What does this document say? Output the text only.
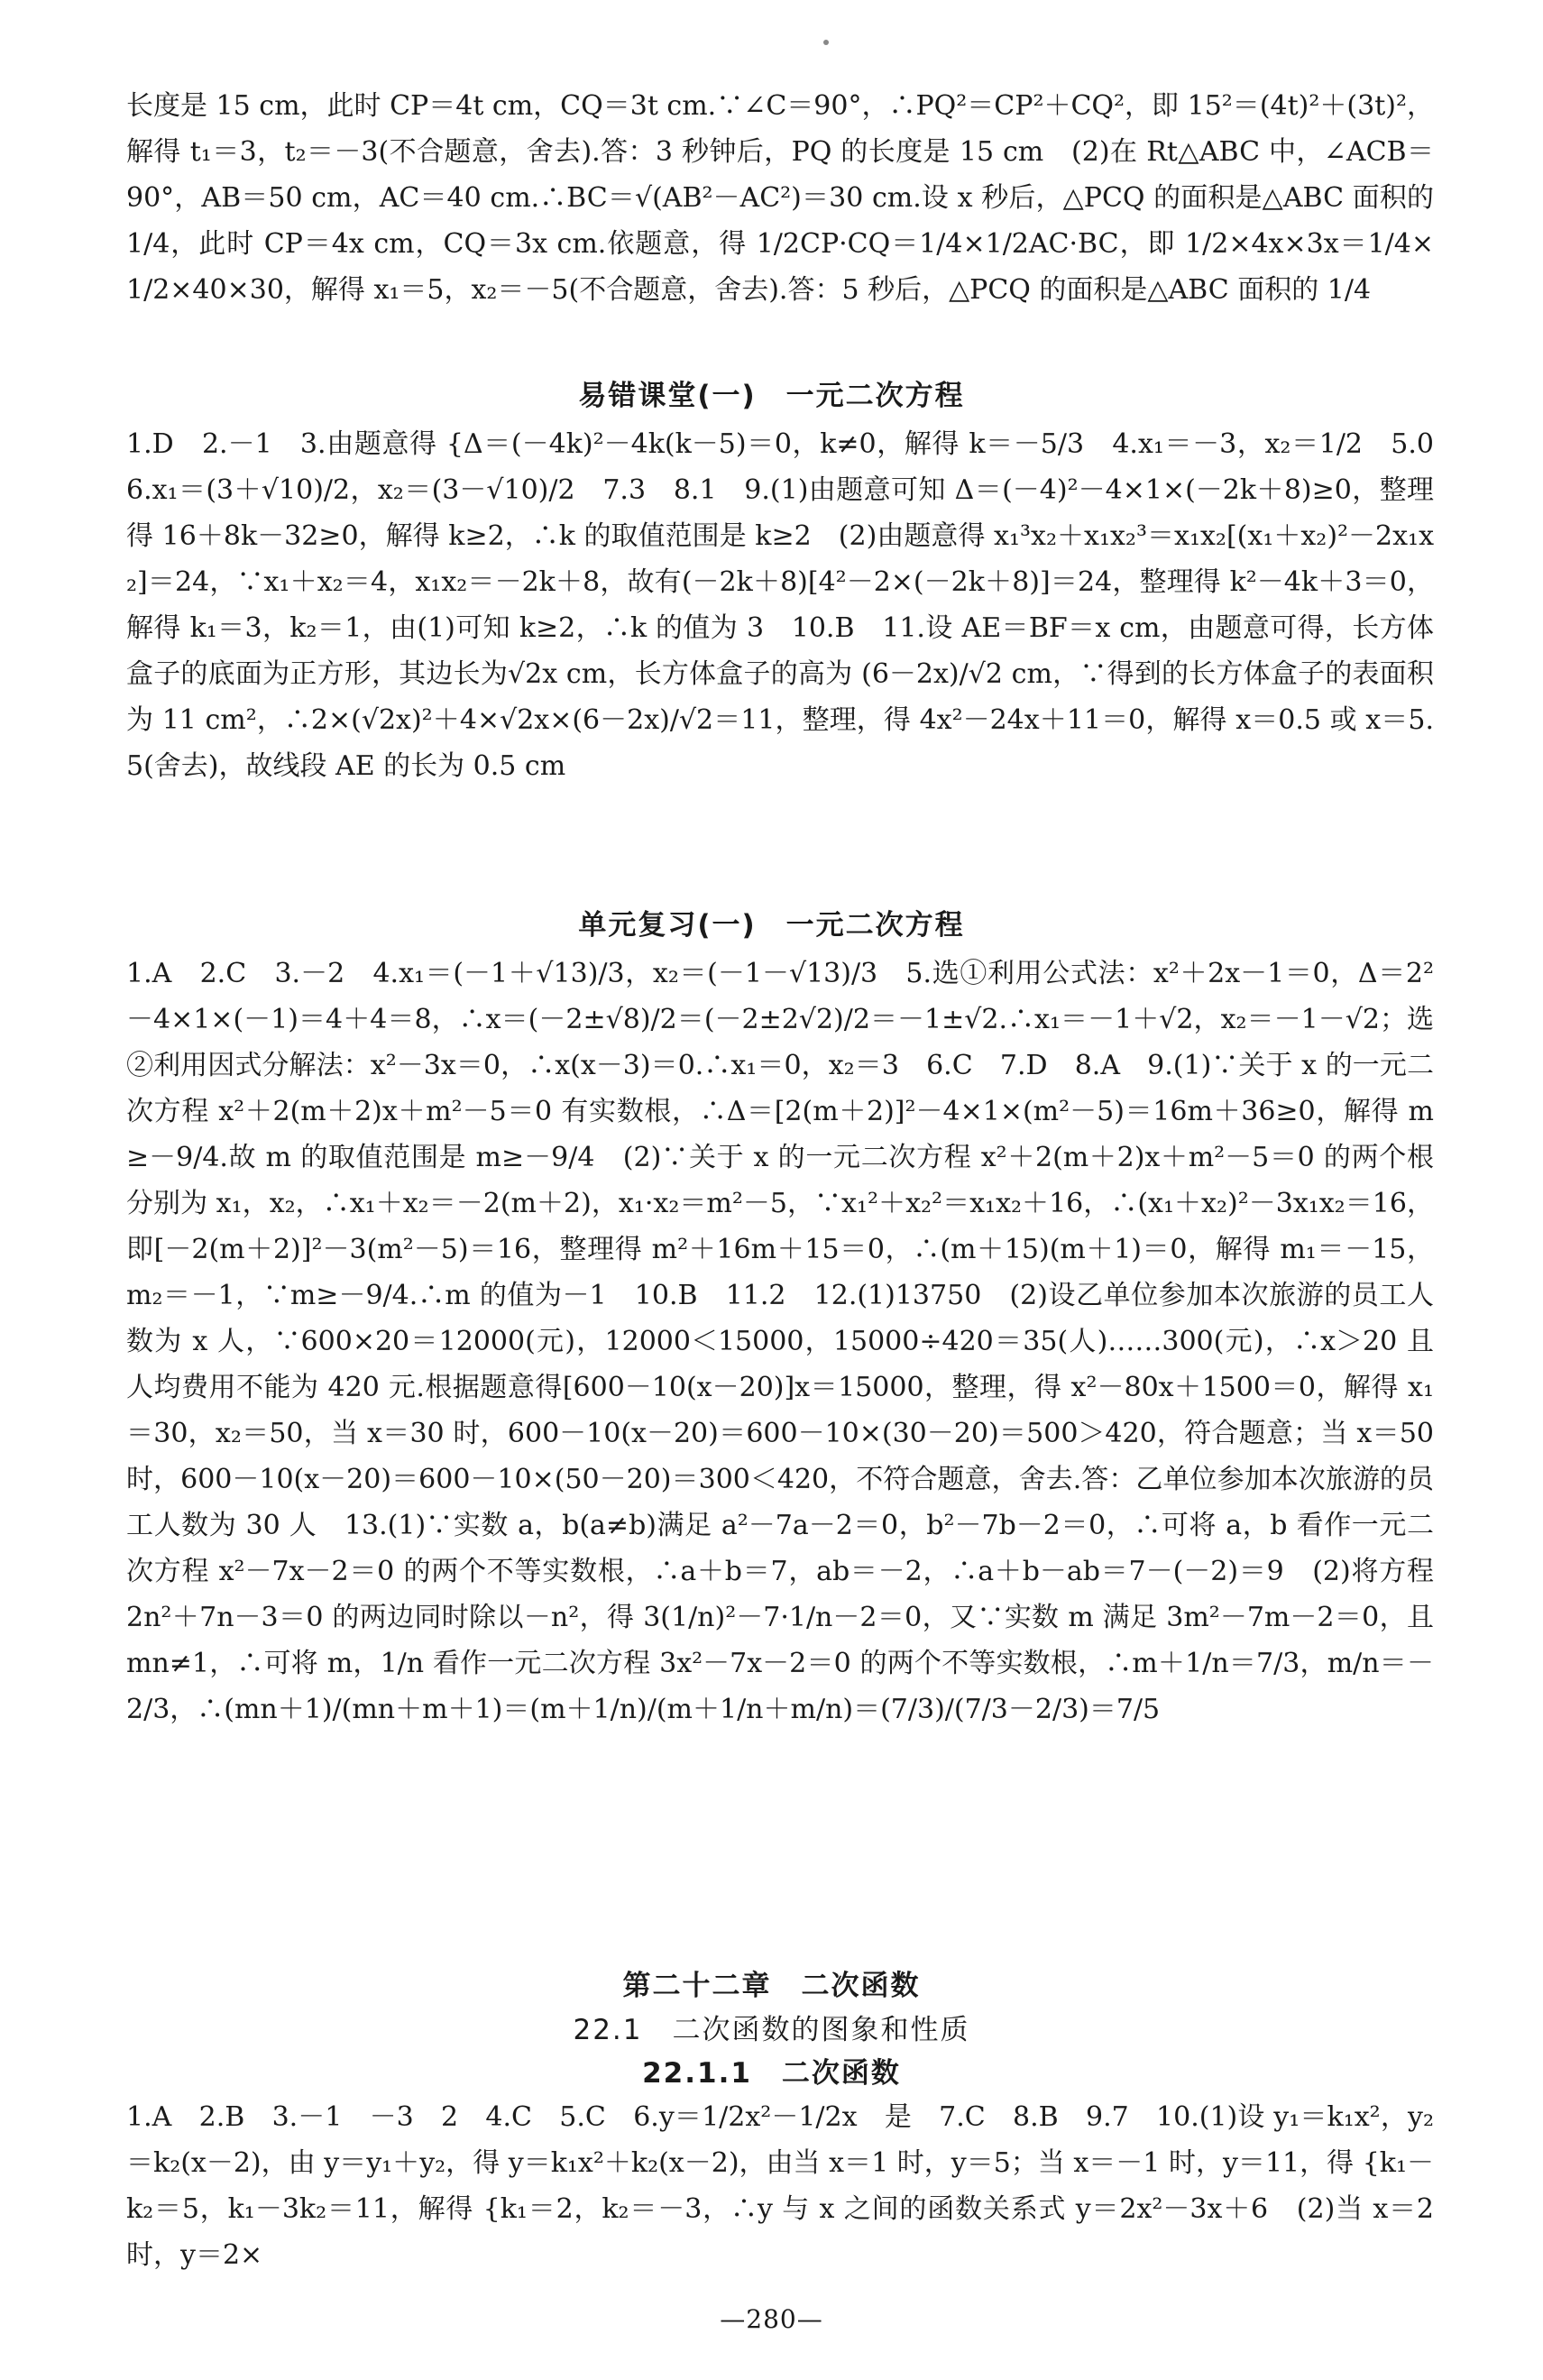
长度是 15 cm，此时 CP＝4t cm，CQ＝3t cm.∵∠C＝90°，∴PQ²＝CP²＋CQ²，即 15²＝(4t)²＋(3t)²，解得 t₁＝3，t₂＝－3(不合题意，舍去).答：3 秒钟后，PQ 的长度是 15 cm　(2)在 Rt△ABC 中，∠ACB＝90°，AB＝50 cm，AC＝40 cm.∴BC＝√(AB²－AC²)＝30 cm.设 x 秒后，△PCQ 的面积是△ABC 面积的 1/4，此时 CP＝4x cm，CQ＝3x cm.依题意，得 1/2CP·CQ＝1/4×1/2AC·BC，即 1/2×4x×3x＝1/4×1/2×40×30，解得 x₁＝5，x₂＝－5(不合题意，舍去).答：5 秒后，△PCQ 的面积是△ABC 面积的 1/4

易错课堂(一)　一元二次方程

1.D　2.－1　3.由题意得 {Δ＝(－4k)²－4k(k－5)＝0，k≠0，解得 k＝－5/3　4.x₁＝－3，x₂＝1/2　5.0　6.x₁＝(3＋√10)/2，x₂＝(3－√10)/2　7.3　8.1　9.(1)由题意可知 Δ＝(－4)²－4×1×(－2k＋8)≥0，整理得 16＋8k－32≥0，解得 k≥2，∴k 的取值范围是 k≥2　(2)由题意得 x₁³x₂＋x₁x₂³＝x₁x₂[(x₁＋x₂)²－2x₁x₂]＝24，∵x₁＋x₂＝4，x₁x₂＝－2k＋8，故有(－2k＋8)[4²－2×(－2k＋8)]＝24，整理得 k²－4k＋3＝0，解得 k₁＝3，k₂＝1，由(1)可知 k≥2，∴k 的值为 3　10.B　11.设 AE＝BF＝x cm，由题意可得，长方体盒子的底面为正方形，其边长为√2x cm，长方体盒子的高为 (6－2x)/√2 cm，∵得到的长方体盒子的表面积为 11 cm²，∴2×(√2x)²＋4×√2x×(6－2x)/√2＝11，整理，得 4x²－24x＋11＝0，解得 x＝0.5 或 x＝5.5(舍去)，故线段 AE 的长为 0.5 cm

单元复习(一)　一元二次方程

1.A　2.C　3.－2　4.x₁＝(－1＋√13)/3，x₂＝(－1－√13)/3　5.选①利用公式法：x²＋2x－1＝0，Δ＝2²－4×1×(－1)＝4＋4＝8，∴x＝(－2±√8)/2＝(－2±2√2)/2＝－1±√2.∴x₁＝－1＋√2，x₂＝－1－√2；选②利用因式分解法：x²－3x＝0，∴x(x－3)＝0.∴x₁＝0，x₂＝3　6.C　7.D　8.A　9.(1)∵关于 x 的一元二次方程 x²＋2(m＋2)x＋m²－5＝0 有实数根，∴Δ＝[2(m＋2)]²－4×1×(m²－5)＝16m＋36≥0，解得 m≥－9/4.故 m 的取值范围是 m≥－9/4　(2)∵关于 x 的一元二次方程 x²＋2(m＋2)x＋m²－5＝0 的两个根分别为 x₁，x₂，∴x₁＋x₂＝－2(m＋2)，x₁·x₂＝m²－5，∵x₁²＋x₂²＝x₁x₂＋16，∴(x₁＋x₂)²－3x₁x₂＝16，即[－2(m＋2)]²－3(m²－5)＝16，整理得 m²＋16m＋15＝0，∴(m＋15)(m＋1)＝0，解得 m₁＝－15，m₂＝－1，∵m≥－9/4.∴m 的值为－1　10.B　11.2　12.(1)13750　(2)设乙单位参加本次旅游的员工人数为 x 人，∵600×20＝12000(元)，12000＜15000，15000÷420＝35(人)……300(元)，∴x＞20 且人均费用不能为 420 元.根据题意得[600－10(x－20)]x＝15000，整理，得 x²－80x＋1500＝0，解得 x₁＝30，x₂＝50，当 x＝30 时，600－10(x－20)＝600－10×(30－20)＝500＞420，符合题意；当 x＝50 时，600－10(x－20)＝600－10×(50－20)＝300＜420，不符合题意，舍去.答：乙单位参加本次旅游的员工人数为 30 人　13.(1)∵实数 a，b(a≠b)满足 a²－7a－2＝0，b²－7b－2＝0，∴可将 a，b 看作一元二次方程 x²－7x－2＝0 的两个不等实数根，∴a＋b＝7，ab＝－2，∴a＋b－ab＝7－(－2)＝9　(2)将方程 2n²＋7n－3＝0 的两边同时除以－n²，得 3(1/n)²－7·1/n－2＝0，又∵实数 m 满足 3m²－7m－2＝0，且 mn≠1，∴可将 m，1/n 看作一元二次方程 3x²－7x－2＝0 的两个不等实数根，∴m＋1/n＝7/3，m/n＝－2/3，∴(mn＋1)/(mn＋m＋1)＝(m＋1/n)/(m＋1/n＋m/n)＝(7/3)/(7/3－2/3)＝7/5

第二十二章　二次函数
22.1　二次函数的图象和性质
22.1.1　二次函数

1.A　2.B　3.－1　－3　2　4.C　5.C　6.y＝1/2x²－1/2x　是　7.C　8.B　9.7　10.(1)设 y₁＝k₁x²，y₂＝k₂(x－2)，由 y＝y₁＋y₂，得 y＝k₁x²＋k₂(x－2)，由当 x＝1 时，y＝5；当 x＝－1 时，y＝11，得 {k₁－k₂＝5，k₁－3k₂＝11，解得 {k₁＝2，k₂＝－3，∴y 与 x 之间的函数关系式 y＝2x²－3x＋6　(2)当 x＝2 时，y＝2×

—280—
